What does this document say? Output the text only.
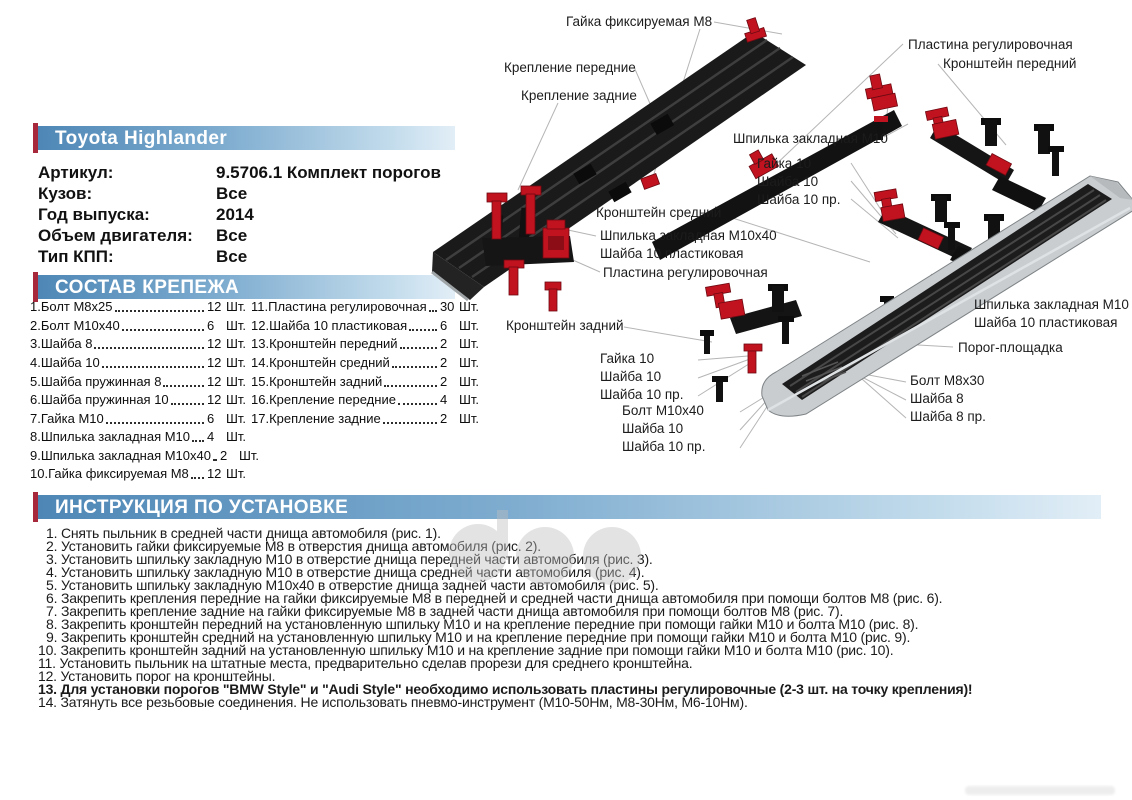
Toyota Highlander
Артикул:	9.5706.1 Комплект порогов
Кузов:	Все
Год выпуска:	2014
Объем двигателя:	Все
Тип КПП:	Все
СОСТАВ КРЕПЕЖА
1.Болт М8х25	12 Шт.
2.Болт М10х40	6 Шт.
3.Шайба 8	12 Шт.
4.Шайба 10	12 Шт.
5.Шайба пружинная 8	12 Шт.
6.Шайба пружинная 10	12 Шт.
7.Гайка М10	6 Шт.
8.Шпилька закладная М10 4 Шт.
9.Шпилька закладная М10х40 2 Шт.
10.Гайка фиксируемая М8 12 Шт.
11.Пластина регулировочная 30 Шт.
12.Шайба 10 пластиковая	6 Шт.
13.Кронштейн передний	2 Шт.
14.Кронштейн средний	2 Шт.
15.Кронштейн задний	2 Шт.
16.Крепление передние	4 Шт.
17.Крепление задние	2 Шт.
ИНСТРУКЦИЯ ПО УСТАНОВКЕ
1. Снять пыльник в средней части днища автомобиля (рис. 1).
2. Установить гайки фиксируемые М8 в отверстия днища автомобиля (рис. 2).
3. Установить шпильку закладную М10 в отверстие днища передней части автомобиля (рис. 3).
4. Установить шпильку закладную М10 в отверстие днища средней части автомобиля (рис. 4).
5. Установить шпильку закладную М10х40 в отверстие днища задней части автомобиля (рис. 5).
6. Закрепить крепления передние на гайки фиксируемые М8 в передней и средней части днища автомобиля при помощи болтов М8 (рис. 6).
7. Закрепить крепление задние на гайки фиксируемые М8 в задней части днища автомобиля при помощи болтов М8 (рис. 7).
8. Закрепить кронштейн передний на установленную шпильку М10 и на крепление передние при помощи гайки М10 и болта М10 (рис. 8).
9. Закрепить кронштейн средний на установленную шпильку М10 и на крепление передние при помощи гайки М10 и болта М10 (рис. 9).
10. Закрепить кронштейн задний на установленную шпильку М10 и на крепление задние при помощи гайки М10 и болта М10 (рис. 10).
11. Установить пыльник на штатные места, предварительно сделав прорези для среднего кронштейна.
12. Установить порог на кронштейны.
13. Для установки порогов "BMW Style" и "Audi Style" необходимо использовать пластины регулировочные (2-3 шт. на точку крепления)!
14. Затянуть все резьбовые соединения. Не использовать пневмо-инструмент (М10-50Нм, М8-30Нм, М6-10Нм).
Гайка фиксируемая М8
Пластина регулировочная
Кронштейн передний
Крепление передние
Крепление задние
Шпилька закладная М10
Гайка 10
Шайба 10
Шайба 10 пр.
Кронштейн средний
Шпилька закладная М10х40
Шайба 10 пластиковая
Пластина регулировочная
Кронштейн задний
Шпилька закладная М10
Шайба 10 пластиковая
Порог-площадка
Гайка 10
Шайба 10
Шайба 10 пр.
Болт М10х40
Шайба 10
Шайба 10 пр.
Болт М8х30
Шайба 8
Шайба 8 пр.
